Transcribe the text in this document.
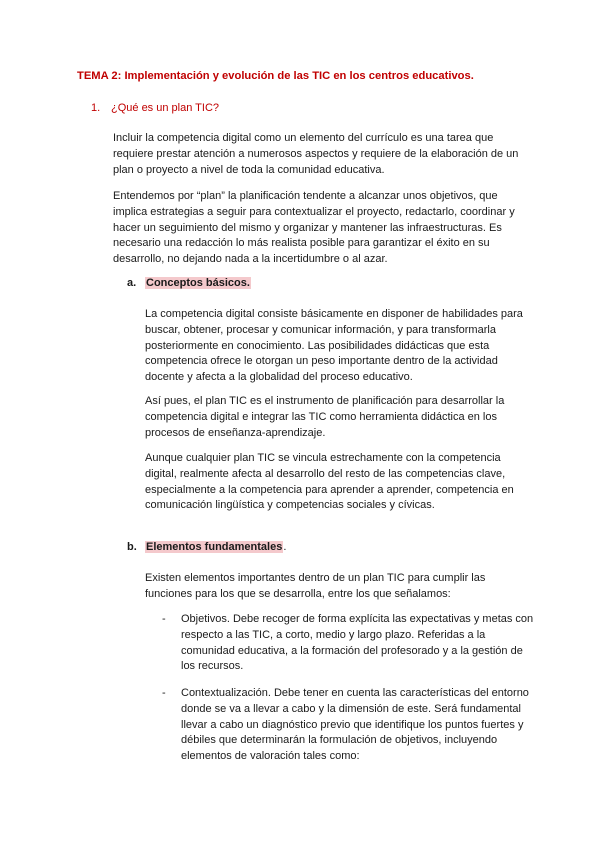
TEMA 2: Implementación y evolución de las TIC en los centros educativos.
1. ¿Qué es un plan TIC?

Incluir la competencia digital como un elemento del currículo es una tarea que requiere prestar atención a numerosos aspectos y requiere de la elaboración de un plan o proyecto a nivel de toda la comunidad educativa.

Entendemos por “plan” la planificación tendente a alcanzar unos objetivos, que implica estrategias a seguir para contextualizar el proyecto, redactarlo, coordinar y hacer un seguimiento del mismo y organizar y mantener las infraestructuras. Es necesario una redacción lo más realista posible para garantizar el éxito en su desarrollo, no dejando nada a la incertidumbre o al azar.

a. Conceptos básicos.

La competencia digital consiste básicamente en disponer de habilidades para buscar, obtener, procesar y comunicar información, y para transformarla posteriormente en conocimiento. Las posibilidades didácticas que esta competencia ofrece le otorgan un peso importante dentro de la actividad docente y afecta a la globalidad del proceso educativo.

Así pues, el plan TIC es el instrumento de planificación para desarrollar la competencia digital e integrar las TIC como herramienta didáctica en los procesos de enseñanza-aprendizaje.

Aunque cualquier plan TIC se vincula estrechamente con la competencia digital, realmente afecta al desarrollo del resto de las competencias clave, especialmente a la competencia para aprender a aprender, competencia en comunicación lingüística y competencias sociales y cívicas.

b. Elementos fundamentales.

Existen elementos importantes dentro de un plan TIC para cumplir las funciones para los que se desarrolla, entre los que señalamos:

- Objetivos. Debe recoger de forma explícita las expectativas y metas con respecto a las TIC, a corto, medio y largo plazo. Referidas a la comunidad educativa, a la formación del profesorado y a la gestión de los recursos.
- Contextualización. Debe tener en cuenta las características del entorno donde se va a llevar a cabo y la dimensión de este. Será fundamental llevar a cabo un diagnóstico previo que identifique los puntos fuertes y débiles que determinarán la formulación de objetivos, incluyendo elementos de valoración tales como:
